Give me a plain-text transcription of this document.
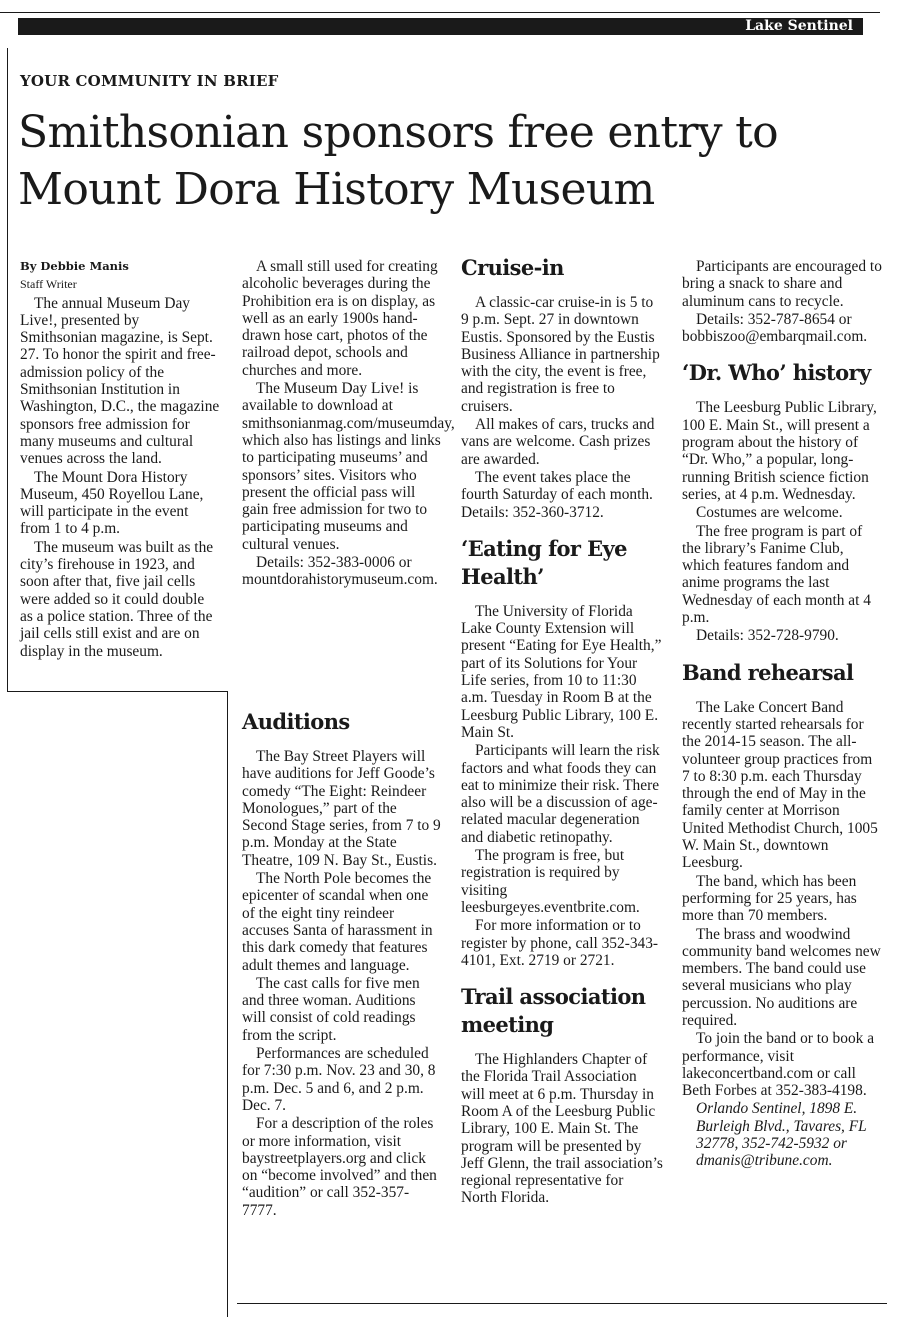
Lake Sentinel
YOUR COMMUNITY IN BRIEF
Smithsonian sponsors free entry to Mount Dora History Museum

By Debbie Manis

Staff Writer

The annual Museum Day Live!, presented by Smithsonian magazine, is Sept. 27. To honor the spirit and free-admission policy of the Smithsonian Institution in Washington, D.C., the magazine sponsors free admission for many museums and cultural venues across the land.

The Mount Dora History Museum, 450 Royellou Lane, will participate in the event from 1 to 4 p.m.

The museum was built as the city’s firehouse in 1923, and soon after that, five jail cells were added so it could double as a police station. Three of the jail cells still exist and are on display in the museum.

A small still used for creating alcoholic beverages during the Prohibition era is on display, as well as an early 1900s hand-drawn hose cart, photos of the railroad depot, schools and churches and more.

The Museum Day Live! is available to download at smithsonianmag.com/museumday, which also has listings and links to participating museums’ and sponsors’ sites. Visitors who present the official pass will gain free admission for two to participating museums and cultural venues.

Details: 352-383-0006 or mountdorahistorymuseum.com.

Auditions

The Bay Street Players will have auditions for Jeff Goode’s comedy “The Eight: Reindeer Monologues,” part of the Second Stage series, from 7 to 9 p.m. Monday at the State Theatre, 109 N. Bay St., Eustis.

The North Pole becomes the epicenter of scandal when one of the eight tiny reindeer accuses Santa of harassment in this dark comedy that features adult themes and language.

The cast calls for five men and three woman. Auditions will consist of cold readings from the script.

Performances are scheduled for 7:30 p.m. Nov. 23 and 30, 8 p.m. Dec. 5 and 6, and 2 p.m. Dec. 7.

For a description of the roles or more information, visit baystreetplayers.org and click on “become involved” and then “audition” or call 352-357-7777.

Cruise-in

A classic-car cruise-in is 5 to 9 p.m. Sept. 27 in downtown Eustis. Sponsored by the Eustis Business Alliance in partnership with the city, the event is free, and registration is free to cruisers.

All makes of cars, trucks and vans are welcome. Cash prizes are awarded.

The event takes place the fourth Saturday of each month. Details: 352-360-3712.

‘Eating for Eye Health’

The University of Florida Lake County Extension will present “Eating for Eye Health,” part of its Solutions for Your Life series, from 10 to 11:30 a.m. Tuesday in Room B at the Leesburg Public Library, 100 E. Main St.

Participants will learn the risk factors and what foods they can eat to minimize their risk. There also will be a discussion of age-related macular degeneration and diabetic retinopathy.

The program is free, but registration is required by visiting leesburgeyes.eventbrite.com.

For more information or to register by phone, call 352-343-4101, Ext. 2719 or 2721.

Trail association meeting

The Highlanders Chapter of the Florida Trail Association will meet at 6 p.m. Thursday in Room A of the Leesburg Public Library, 100 E. Main St. The program will be presented by Jeff Glenn, the trail association’s regional representative for North Florida.

Participants are encouraged to bring a snack to share and aluminum cans to recycle.

Details: 352-787-8654 or bobbiszoo@embarqmail.com.

‘Dr. Who’ history

The Leesburg Public Library, 100 E. Main St., will present a program about the history of “Dr. Who,” a popular, long-running British science fiction series, at 4 p.m. Wednesday.

Costumes are welcome.

The free program is part of the library’s Fanime Club, which features fandom and anime programs the last Wednesday of each month at 4 p.m.

Details: 352-728-9790.

Band rehearsal

The Lake Concert Band recently started rehearsals for the 2014-15 season. The all-volunteer group practices from 7 to 8:30 p.m. each Thursday through the end of May in the family center at Morrison United Methodist Church, 1005 W. Main St., downtown Leesburg.

The band, which has been performing for 25 years, has more than 70 members.

The brass and woodwind community band welcomes new members. The band could use several musicians who play percussion. No auditions are required.

To join the band or to book a performance, visit lakeconcertband.com or call Beth Forbes at 352-383-4198.

Orlando Sentinel, 1898 E.
Burleigh Blvd., Tavares, FL
32778, 352-742-5932 or
dmanis@tribune.com.
